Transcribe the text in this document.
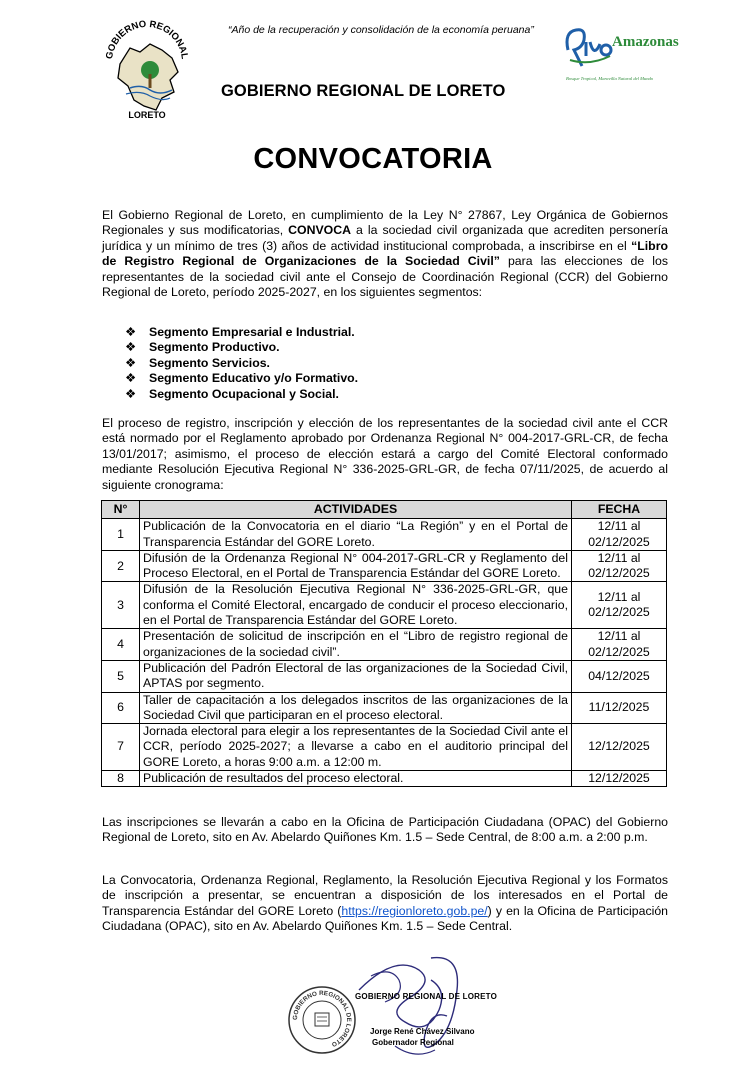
GOBIERNO REGIONAL
LORETO
“Año de la recuperación y consolidación de la economía peruana”
GOBIERNO REGIONAL DE LORETO
Amazonas
Bosque Tropical, Maravilla Natural del Mundo
CONVOCATORIA
El Gobierno Regional de Loreto, en cumplimiento de la Ley N° 27867, Ley Orgánica de Gobiernos Regionales y sus modificatorias, CONVOCA a la sociedad civil organizada que acrediten personería jurídica y un mínimo de tres (3) años de actividad institucional comprobada, a inscribirse en el “Libro de Registro Regional de Organizaciones de la Sociedad Civil” para las elecciones de los representantes de la sociedad civil ante el Consejo de Coordinación Regional (CCR) del Gobierno Regional de Loreto, período 2025-2027, en los siguientes segmentos:
❖ Segmento Empresarial e Industrial.
❖ Segmento Productivo.
❖ Segmento Servicios.
❖ Segmento Educativo y/o Formativo.
❖ Segmento Ocupacional y Social.
El proceso de registro, inscripción y elección de los representantes de la sociedad civil ante el CCR está normado por el Reglamento aprobado por Ordenanza Regional N° 004-2017-GRL-CR, de fecha 13/01/2017; asimismo, el proceso de elección estará a cargo del Comité Electoral conformado mediante Resolución Ejecutiva Regional N° 336-2025-GRL-GR, de fecha 07/11/2025, de acuerdo al siguiente cronograma:
N°	ACTIVIDADES	FECHA
1	Publicación de la Convocatoria en el diario “La Región” y en el Portal de Transparencia Estándar del GORE Loreto.	12/11 al
02/12/2025

2	Difusión de la Ordenanza Regional N° 004-2017-GRL-CR y Reglamento del Proceso Electoral, en el Portal de Transparencia Estándar del GORE Loreto.	12/11 al
02/12/2025

3	Difusión de la Resolución Ejecutiva Regional N° 336-2025-GRL-GR, que conforma el Comité Electoral, encargado de conducir el proceso eleccionario, en el Portal de Transparencia Estándar del GORE Loreto.	12/11 al
02/12/2025

4	Presentación de solicitud de inscripción en el “Libro de registro regional de organizaciones de la sociedad civil”.	12/11 al
02/12/2025

5	Publicación del Padrón Electoral de las organizaciones de la Sociedad Civil, APTAS por segmento.	04/12/2025
6	Taller de capacitación a los delegados inscritos de las organizaciones de la Sociedad Civil que participaran en el proceso electoral.	11/12/2025
7	Jornada electoral para elegir a los representantes de la Sociedad Civil ante el CCR, período 2025-2027; a llevarse a cabo en el auditorio principal del GORE Loreto, a horas 9:00 a.m. a 12:00 m.	12/12/2025
8	Publicación de resultados del proceso electoral.	12/12/2025
Las inscripciones se llevarán a cabo en la Oficina de Participación Ciudadana (OPAC) del Gobierno Regional de Loreto, sito en Av. Abelardo Quiñones Km. 1.5 – Sede Central, de 8:00 a.m. a 2:00 p.m.
La Convocatoria, Ordenanza Regional, Reglamento, la Resolución Ejecutiva Regional y los Formatos de inscripción a presentar, se encuentran a disposición de los interesados en el Portal de Transparencia Estándar del GORE Loreto (https://regionloreto.gob.pe/) y en la Oficina de Participación Ciudadana (OPAC), sito en Av. Abelardo Quiñones Km. 1.5 – Sede Central.
GOBIERNO REGIONAL DE LORETO
GOBIERNO REGIONAL DE LORETO
Jorge René Chávez Silvano
Gobernador Regional
